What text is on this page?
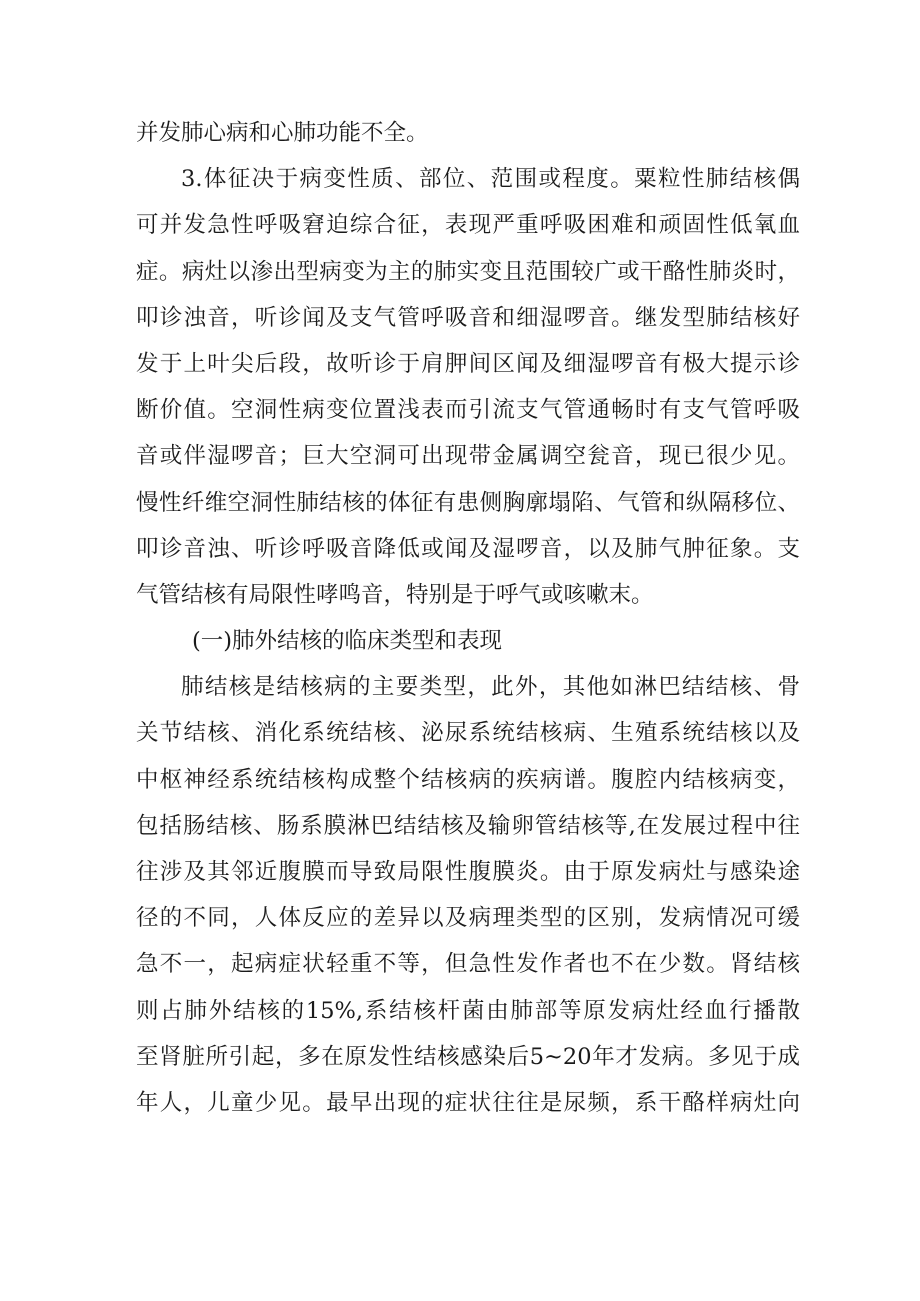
并发肺心病和心肺功能不全。
3.体征决于病变性质、部位、范围或程度。粟粒性肺结核偶
可并发急性呼吸窘迫综合征，表现严重呼吸困难和顽固性低氧血
症。病灶以渗出型病变为主的肺实变且范围较广或干酪性肺炎时，
叩诊浊音，听诊闻及支气管呼吸音和细湿啰音。继发型肺结核好
发于上叶尖后段，故听诊于肩胛间区闻及细湿啰音有极大提示诊
断价值。空洞性病变位置浅表而引流支气管通畅时有支气管呼吸
音或伴湿啰音；巨大空洞可出现带金属调空瓮音，现已很少见。
慢性纤维空洞性肺结核的体征有患侧胸廓塌陷、气管和纵隔移位、
叩诊音浊、听诊呼吸音降低或闻及湿啰音，以及肺气肿征象。支
气管结核有局限性哮鸣音，特别是于呼气或咳嗽末。
(一)肺外结核的临床类型和表现
肺结核是结核病的主要类型，此外，其他如淋巴结结核、骨
关节结核、消化系统结核、泌尿系统结核病、生殖系统结核以及
中枢神经系统结核构成整个结核病的疾病谱。腹腔内结核病变，
包括肠结核、肠系膜淋巴结结核及输卵管结核等,在发展过程中往
往涉及其邻近腹膜而导致局限性腹膜炎。由于原发病灶与感染途
径的不同，人体反应的差异以及病理类型的区别，发病情况可缓
急不一，起病症状轻重不等，但急性发作者也不在少数。肾结核
则占肺外结核的15%,系结核杆菌由肺部等原发病灶经血行播散
至肾脏所引起，多在原发性结核感染后5~20年才发病。多见于成
年人，儿童少见。最早出现的症状往往是尿频，系干酪样病灶向
